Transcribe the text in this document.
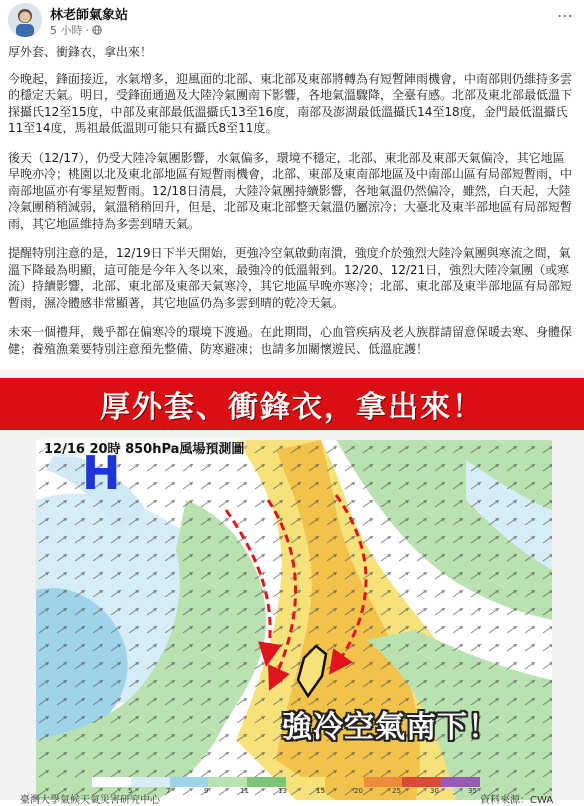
林老師氣象站
5 小時 ·
⋯

厚外套、衝鋒衣，拿出來！

今晚起，鋒面接近，水氣增多，迎風面的北部、東北部及東部將轉為有短暫陣雨機會，中南部則仍維持多雲的穩定天氣。明日，受鋒面通過及大陸冷氣團南下影響，各地氣溫驟降，全臺有感。北部及東北部最低溫下探攝氏12至15度，中部及東部最低溫攝氏13至16度，南部及澎湖最低溫攝氏14至18度，金門最低溫攝氏11至14度，馬祖最低溫則可能只有攝氏8至11度。

後天（12/17），仍受大陸冷氣團影響，水氣偏多，環境不穩定，北部、東北部及東部天氣偏冷，其它地區早晚亦冷；桃園以北及東北部地區有短暫雨機會，北部、東部及東南部地區及中南部山區有局部短暫雨，中南部地區亦有零星短暫雨。12/18日清晨，大陸冷氣團持續影響，各地氣溫仍然偏冷，雖然，白天起，大陸冷氣團稍稍減弱，氣溫稍稍回升，但是，北部及東北部整天氣溫仍屬涼冷；大臺北及東半部地區有局部短暫雨，其它地區維持為多雲到晴天氣。

提醒特別注意的是，12/19日下半天開始，更強冷空氣啟動南潰，強度介於強烈大陸冷氣團與寒流之間，氣溫下降最為明顯，這可能是今年入冬以來，最強冷的低溫報到。12/20、12/21日，強烈大陸冷氣團（或寒流）持續影響，北部、東北部及東部天氣寒冷，其它地區早晚亦寒冷；北部、東北部及東半部地區有局部短暫雨，濕冷體感非常顯著，其它地區仍為多雲到晴的乾冷天氣。

未來一個禮拜，幾乎都在偏寒冷的環境下渡過。在此期間，心血管疾病及老人族群請留意保暖去寒、身體保健；養殖漁業要特別注意預先整備、防寒避凍；也請多加關懷遊民、低溫庇護！

厚外套、衝鋒衣，拿出來！
12/16 20時 850hPa風場預測圖
H
強冷空氣南下！
5	7	9	11	13	15	20	25	30	35
臺灣大學氣候天氣災害研究中心	資料來源：CWA
